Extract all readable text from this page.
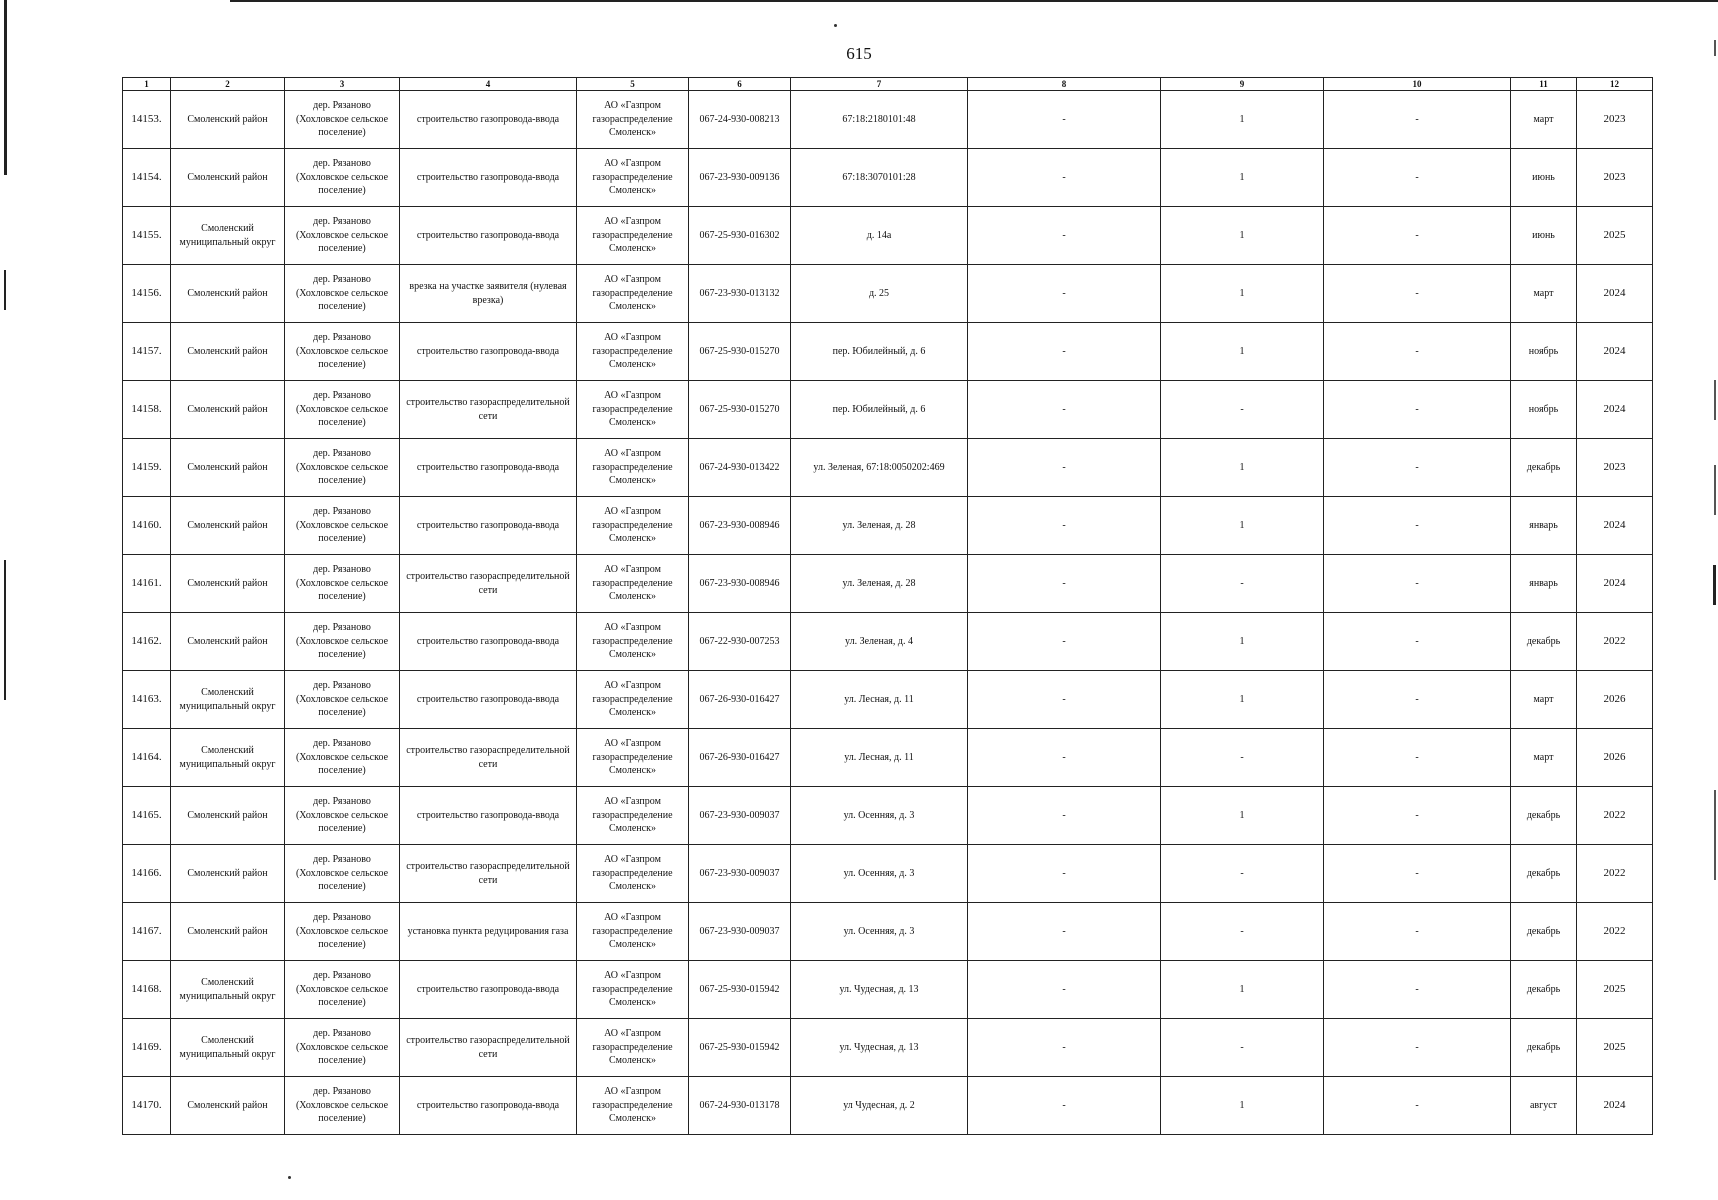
615
1	2	3	4	5	6	7	8	9	10	11	12
14153.	Смоленский район	дер. Рязаново (Хохловское сельское поселение)	строительство газопровода-ввода	АО «Газпром газораспределение Смоленск»	067-24-930-008213	67:18:2180101:48	-	1	-	март	2023
14154.	Смоленский район	дер. Рязаново (Хохловское сельское поселение)	строительство газопровода-ввода	АО «Газпром газораспределение Смоленск»	067-23-930-009136	67:18:3070101:28	-	1	-	июнь	2023
14155.	Смоленский муниципальный округ	дер. Рязаново (Хохловское сельское поселение)	строительство газопровода-ввода	АО «Газпром газораспределение Смоленск»	067-25-930-016302	д. 14а	-	1	-	июнь	2025
14156.	Смоленский район	дер. Рязаново (Хохловское сельское поселение)	врезка на участке заявителя (нулевая врезка)	АО «Газпром газораспределение Смоленск»	067-23-930-013132	д. 25	-	1	-	март	2024
14157.	Смоленский район	дер. Рязаново (Хохловское сельское поселение)	строительство газопровода-ввода	АО «Газпром газораспределение Смоленск»	067-25-930-015270	пер. Юбилейный, д. 6	-	1	-	ноябрь	2024
14158.	Смоленский район	дер. Рязаново (Хохловское сельское поселение)	строительство газораспределительной сети	АО «Газпром газораспределение Смоленск»	067-25-930-015270	пер. Юбилейный, д. 6	-	-	-	ноябрь	2024
14159.	Смоленский район	дер. Рязаново (Хохловское сельское поселение)	строительство газопровода-ввода	АО «Газпром газораспределение Смоленск»	067-24-930-013422	ул. Зеленая, 67:18:0050202:469	-	1	-	декабрь	2023
14160.	Смоленский район	дер. Рязаново (Хохловское сельское поселение)	строительство газопровода-ввода	АО «Газпром газораспределение Смоленск»	067-23-930-008946	ул. Зеленая, д. 28	-	1	-	январь	2024
14161.	Смоленский район	дер. Рязаново (Хохловское сельское поселение)	строительство газораспределительной сети	АО «Газпром газораспределение Смоленск»	067-23-930-008946	ул. Зеленая, д. 28	-	-	-	январь	2024
14162.	Смоленский район	дер. Рязаново (Хохловское сельское поселение)	строительство газопровода-ввода	АО «Газпром газораспределение Смоленск»	067-22-930-007253	ул. Зеленая, д. 4	-	1	-	декабрь	2022
14163.	Смоленский муниципальный округ	дер. Рязаново (Хохловское сельское поселение)	строительство газопровода-ввода	АО «Газпром газораспределение Смоленск»	067-26-930-016427	ул. Лесная, д. 11	-	1	-	март	2026
14164.	Смоленский муниципальный округ	дер. Рязаново (Хохловское сельское поселение)	строительство газораспределительной сети	АО «Газпром газораспределение Смоленск»	067-26-930-016427	ул. Лесная, д. 11	-	-	-	март	2026
14165.	Смоленский район	дер. Рязаново (Хохловское сельское поселение)	строительство газопровода-ввода	АО «Газпром газораспределение Смоленск»	067-23-930-009037	ул. Осенняя, д. 3	-	1	-	декабрь	2022
14166.	Смоленский район	дер. Рязаново (Хохловское сельское поселение)	строительство газораспределительной сети	АО «Газпром газораспределение Смоленск»	067-23-930-009037	ул. Осенняя, д. 3	-	-	-	декабрь	2022
14167.	Смоленский район	дер. Рязаново (Хохловское сельское поселение)	установка пункта редуцирования газа	АО «Газпром газораспределение Смоленск»	067-23-930-009037	ул. Осенняя, д. 3	-	-	-	декабрь	2022
14168.	Смоленский муниципальный округ	дер. Рязаново (Хохловское сельское поселение)	строительство газопровода-ввода	АО «Газпром газораспределение Смоленск»	067-25-930-015942	ул. Чудесная, д. 13	-	1	-	декабрь	2025
14169.	Смоленский муниципальный округ	дер. Рязаново (Хохловское сельское поселение)	строительство газораспределительной сети	АО «Газпром газораспределение Смоленск»	067-25-930-015942	ул. Чудесная, д. 13	-	-	-	декабрь	2025
14170.	Смоленский район	дер. Рязаново (Хохловское сельское поселение)	строительство газопровода-ввода	АО «Газпром газораспределение Смоленск»	067-24-930-013178	ул Чудесная, д. 2	-	1	-	август	2024
